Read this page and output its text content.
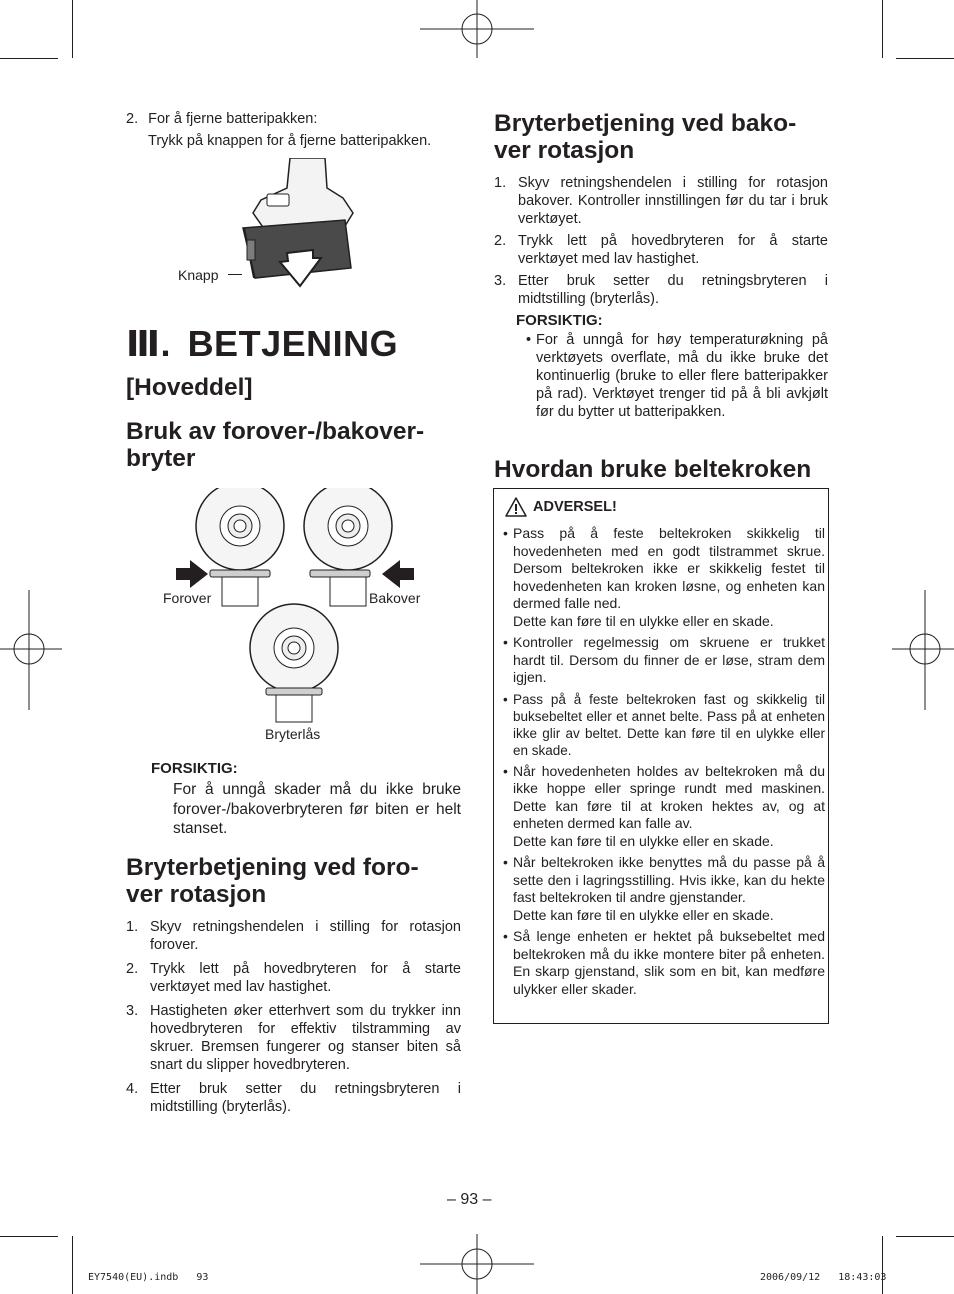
2. For å fjerne batteripakken:
Trykk på knappen for å fjerne batteripakken.
Knapp
Ⅲ. BETJENING
[Hoveddel]
Bruk av forover-/bakover-
bryter
Forover	Bakover
Bryterlås
FORSIKTIG:
For å unngå skader må du ikke bruke forover-/bakoverbryteren før biten er helt stanset.
Bryterbetjening ved foro-
ver rotasjon
1. Skyv retningshendelen i stilling for rotasjon forover.
2. Trykk lett på hovedbryteren for å starte verktøyet med lav hastighet.
3. Hastigheten øker etterhvert som du trykker inn hovedbryteren for effektiv tilstramming av skruer. Bremsen fungerer og stanser biten så snart du slipper hovedbryteren.
4. Etter bruk setter du retningsbryteren i midtstilling (bryterlås).
Bryterbetjening ved bako-
ver rotasjon
1. Skyv retningshendelen i stilling for rotasjon bakover. Kontroller innstillingen før du tar i bruk verktøyet.
2. Trykk lett på hovedbryteren for å starte verktøyet med lav hastighet.
3. Etter bruk setter du retningsbryteren i midtstilling (bryterlås).
FORSIKTIG:
• For å unngå for høy temperaturøkning på verktøyets overflate, må du ikke bruke det kontinuerlig (bruke to eller flere batteripakker på rad). Verktøyet trenger tid på å bli avkjølt før du bytter ut batteripakken.
Hvordan bruke beltekroken
ADVERSEL!
• Pass på å feste beltekroken skikkelig til hovedenheten med en godt tilstrammet skrue. Dersom beltekroken ikke er skikkelig festet til hovedenheten kan kroken løsne, og enheten kan dermed falle ned.
Dette kan føre til en ulykke eller en skade.
• Kontroller regelmessig om skruene er trukket hardt til. Dersom du finner de er løse, stram dem igjen.
• Pass på å feste beltekroken fast og skikkelig til buksebeltet eller et annet belte. Pass på at enheten ikke glir av beltet. Dette kan føre til en ulykke eller en skade.
• Når hovedenheten holdes av beltekroken må du ikke hoppe eller springe rundt med maskinen. Dette kan føre til at kroken hektes av, og at enheten dermed kan falle av.
Dette kan føre til en ulykke eller en skade.
• Når beltekroken ikke benyttes må du passe på å sette den i lagringsstilling. Hvis ikke, kan du hekte fast beltekroken til andre gjenstander.
Dette kan føre til en ulykke eller en skade.
• Så lenge enheten er hektet på buksebeltet med beltekroken må du ikke montere biter på enheten. En skarp gjenstand, slik som en bit, kan medføre ulykker eller skader.
– 93 –
EY7540(EU).indb   93	2006/09/12   18:43:03
